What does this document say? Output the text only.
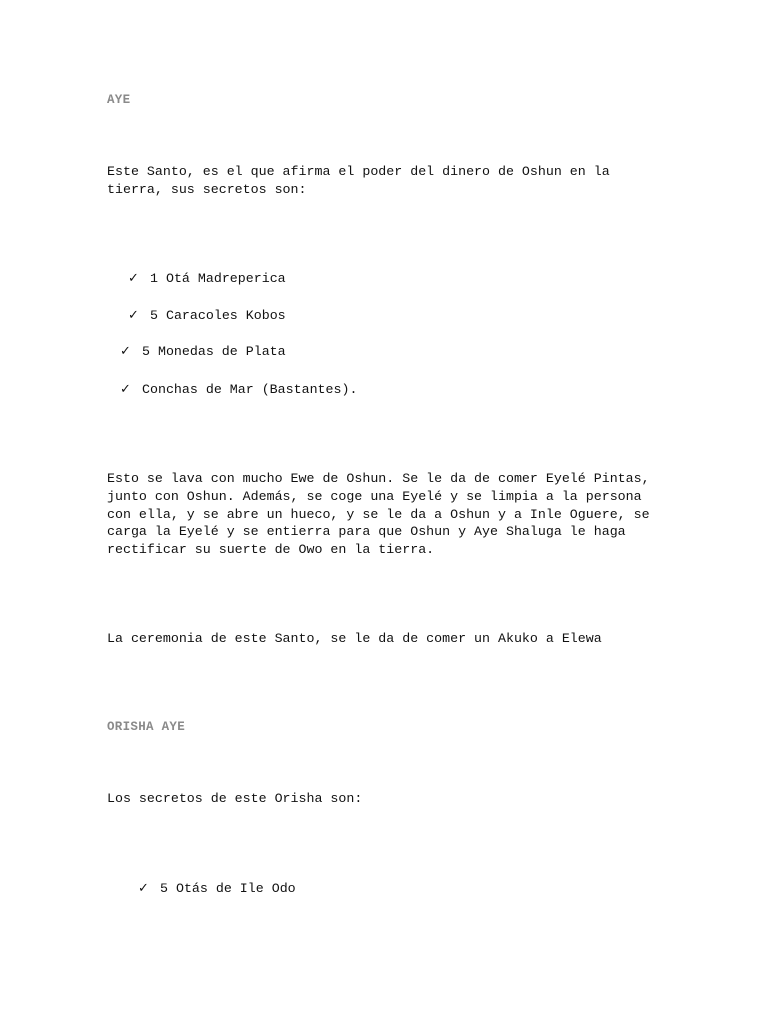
AYE

Este Santo, es el que afirma el poder del dinero de Oshun en la tierra, sus secretos son:

✓ 1 Otá Madreperica
✓ 5 Caracoles Kobos
✓ 5 Monedas de Plata
✓ Conchas de Mar (Bastantes).

Esto se lava con mucho Ewe de Oshun. Se le da de comer Eyelé Pintas, junto con Oshun. Además, se coge una Eyelé y se limpia a la persona con ella, y se abre un hueco, y se le da a Oshun y a Inle Oguere, se carga la Eyelé y se entierra para que Oshun y Aye Shaluga le haga rectificar su suerte de Owo en la tierra.

La ceremonia de este Santo, se le da de comer un Akuko a Elewa

ORISHA AYE

Los secretos de este Orisha son:

✓ 5 Otás de Ile Odo
